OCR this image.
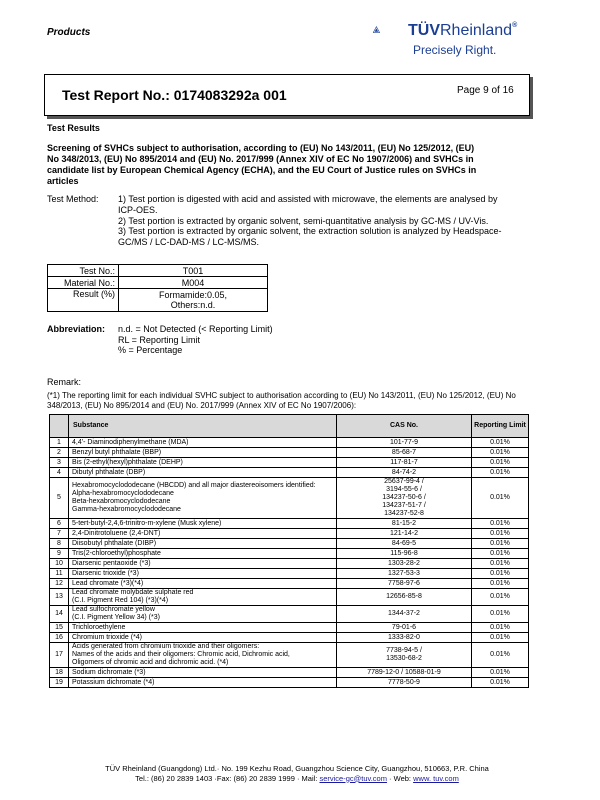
Products	TÜVRheinland®
Precisely Right.
Test Report No.: 0174083292a 001	Page 9 of 16
Test Results
Screening of SVHCs subject to authorisation, according to (EU) No 143/2011, (EU) No 125/2012, (EU) No 348/2013, (EU) No 895/2014 and (EU) No. 2017/999 (Annex XIV of EC No 1907/2006) and SVHCs in candidate list by European Chemical Agency (ECHA), and the EU Court of Justice rules on SVHCs in articles
Test Method: 1) Test portion is digested with acid and assisted with microwave, the elements are analysed by ICP-OES.
2) Test portion is extracted by organic solvent, semi-quantitative analysis by GC-MS / UV-Vis.
3) Test portion is extracted by organic solvent, the extraction solution is analyzed by Headspace-GC/MS / LC-DAD-MS / LC-MS/MS.
Test No.:	T001
Material No.:	M004
Result (%)	Formamide:0.05,
Others:n.d.
Abbreviation: n.d. = Not Detected (< Reporting Limit)
RL = Reporting Limit
% = Percentage
Remark:
(*1) The reporting limit for each individual SVHC subject to authorisation according to (EU) No 143/2011, (EU) No 125/2012, (EU) No 348/2013, (EU) No 895/2014 and (EU) No. 2017/999 (Annex XIV of EC No 1907/2006):
	Substance	CAS No.	Reporting Limit
1	4,4'- Diaminodiphenylmethane (MDA)	101-77-9	0.01%
2	Benzyl butyl phthalate (BBP)	85-68-7	0.01%
3	Bis (2-ethyl(hexyl)phthalate (DEHP)	117-81-7	0.01%
4	Dibutyl phthalate (DBP)	84-74-2	0.01%
5	Hexabromocyclododecane (HBCDD) and all major diastereoisomers identified:
Alpha-hexabromocyclododecane
Beta-hexabromocyclododecane
Gamma-hexabromocyclododecane	25637-99-4 /
3194-55-6 /
134237-50-6 /
134237-51-7 /
134237-52-8	0.01%
6	5-tert-butyl-2,4,6-trinitro-m-xylene (Musk xylene)	81-15-2	0.01%
7	2,4-Dinitrotoluene (2,4-DNT)	121-14-2	0.01%
8	Diisobutyl phthalate (DIBP)	84-69-5	0.01%
9	Tris(2-chloroethyl)phosphate	115-96-8	0.01%
10	Diarsenic pentaoxide (*3)	1303-28-2	0.01%
11	Diarsenic trioxide (*3)	1327-53-3	0.01%
12	Lead chromate (*3)(*4)	7758-97-6	0.01%
13	Lead chromate molybdate sulphate red
(C.I. Pigment Red 104) (*3)(*4)	12656-85-8	0.01%
14	Lead sulfochromate yellow
(C.I. Pigment Yellow 34) (*3)	1344-37-2	0.01%
15	Trichloroethylene	79-01-6	0.01%
16	Chromium trioxide (*4)	1333-82-0	0.01%
17	Acids generated from chromium trioxide and their oligomers:
Names of the acids and their oligomers: Chromic acid, Dichromic acid,
Oligomers of chromic acid and dichromic acid. (*4)	7738-94-5 /
13530-68-2	0.01%
18	Sodium dichromate (*3)	7789-12-0 / 10588-01-9	0.01%
19	Potassium dichromate (*4)	7778-50-9	0.01%
TÜV Rheinland (Guangdong) Ltd.· No. 199 Kezhu Road, Guangzhou Science City, Guangzhou, 510663, P.R. China
Tel.: (86) 20 2839 1403 ·Fax: (86) 20 2839 1999 · Mail: service-gc@tuv.com · Web: www. tuv.com
